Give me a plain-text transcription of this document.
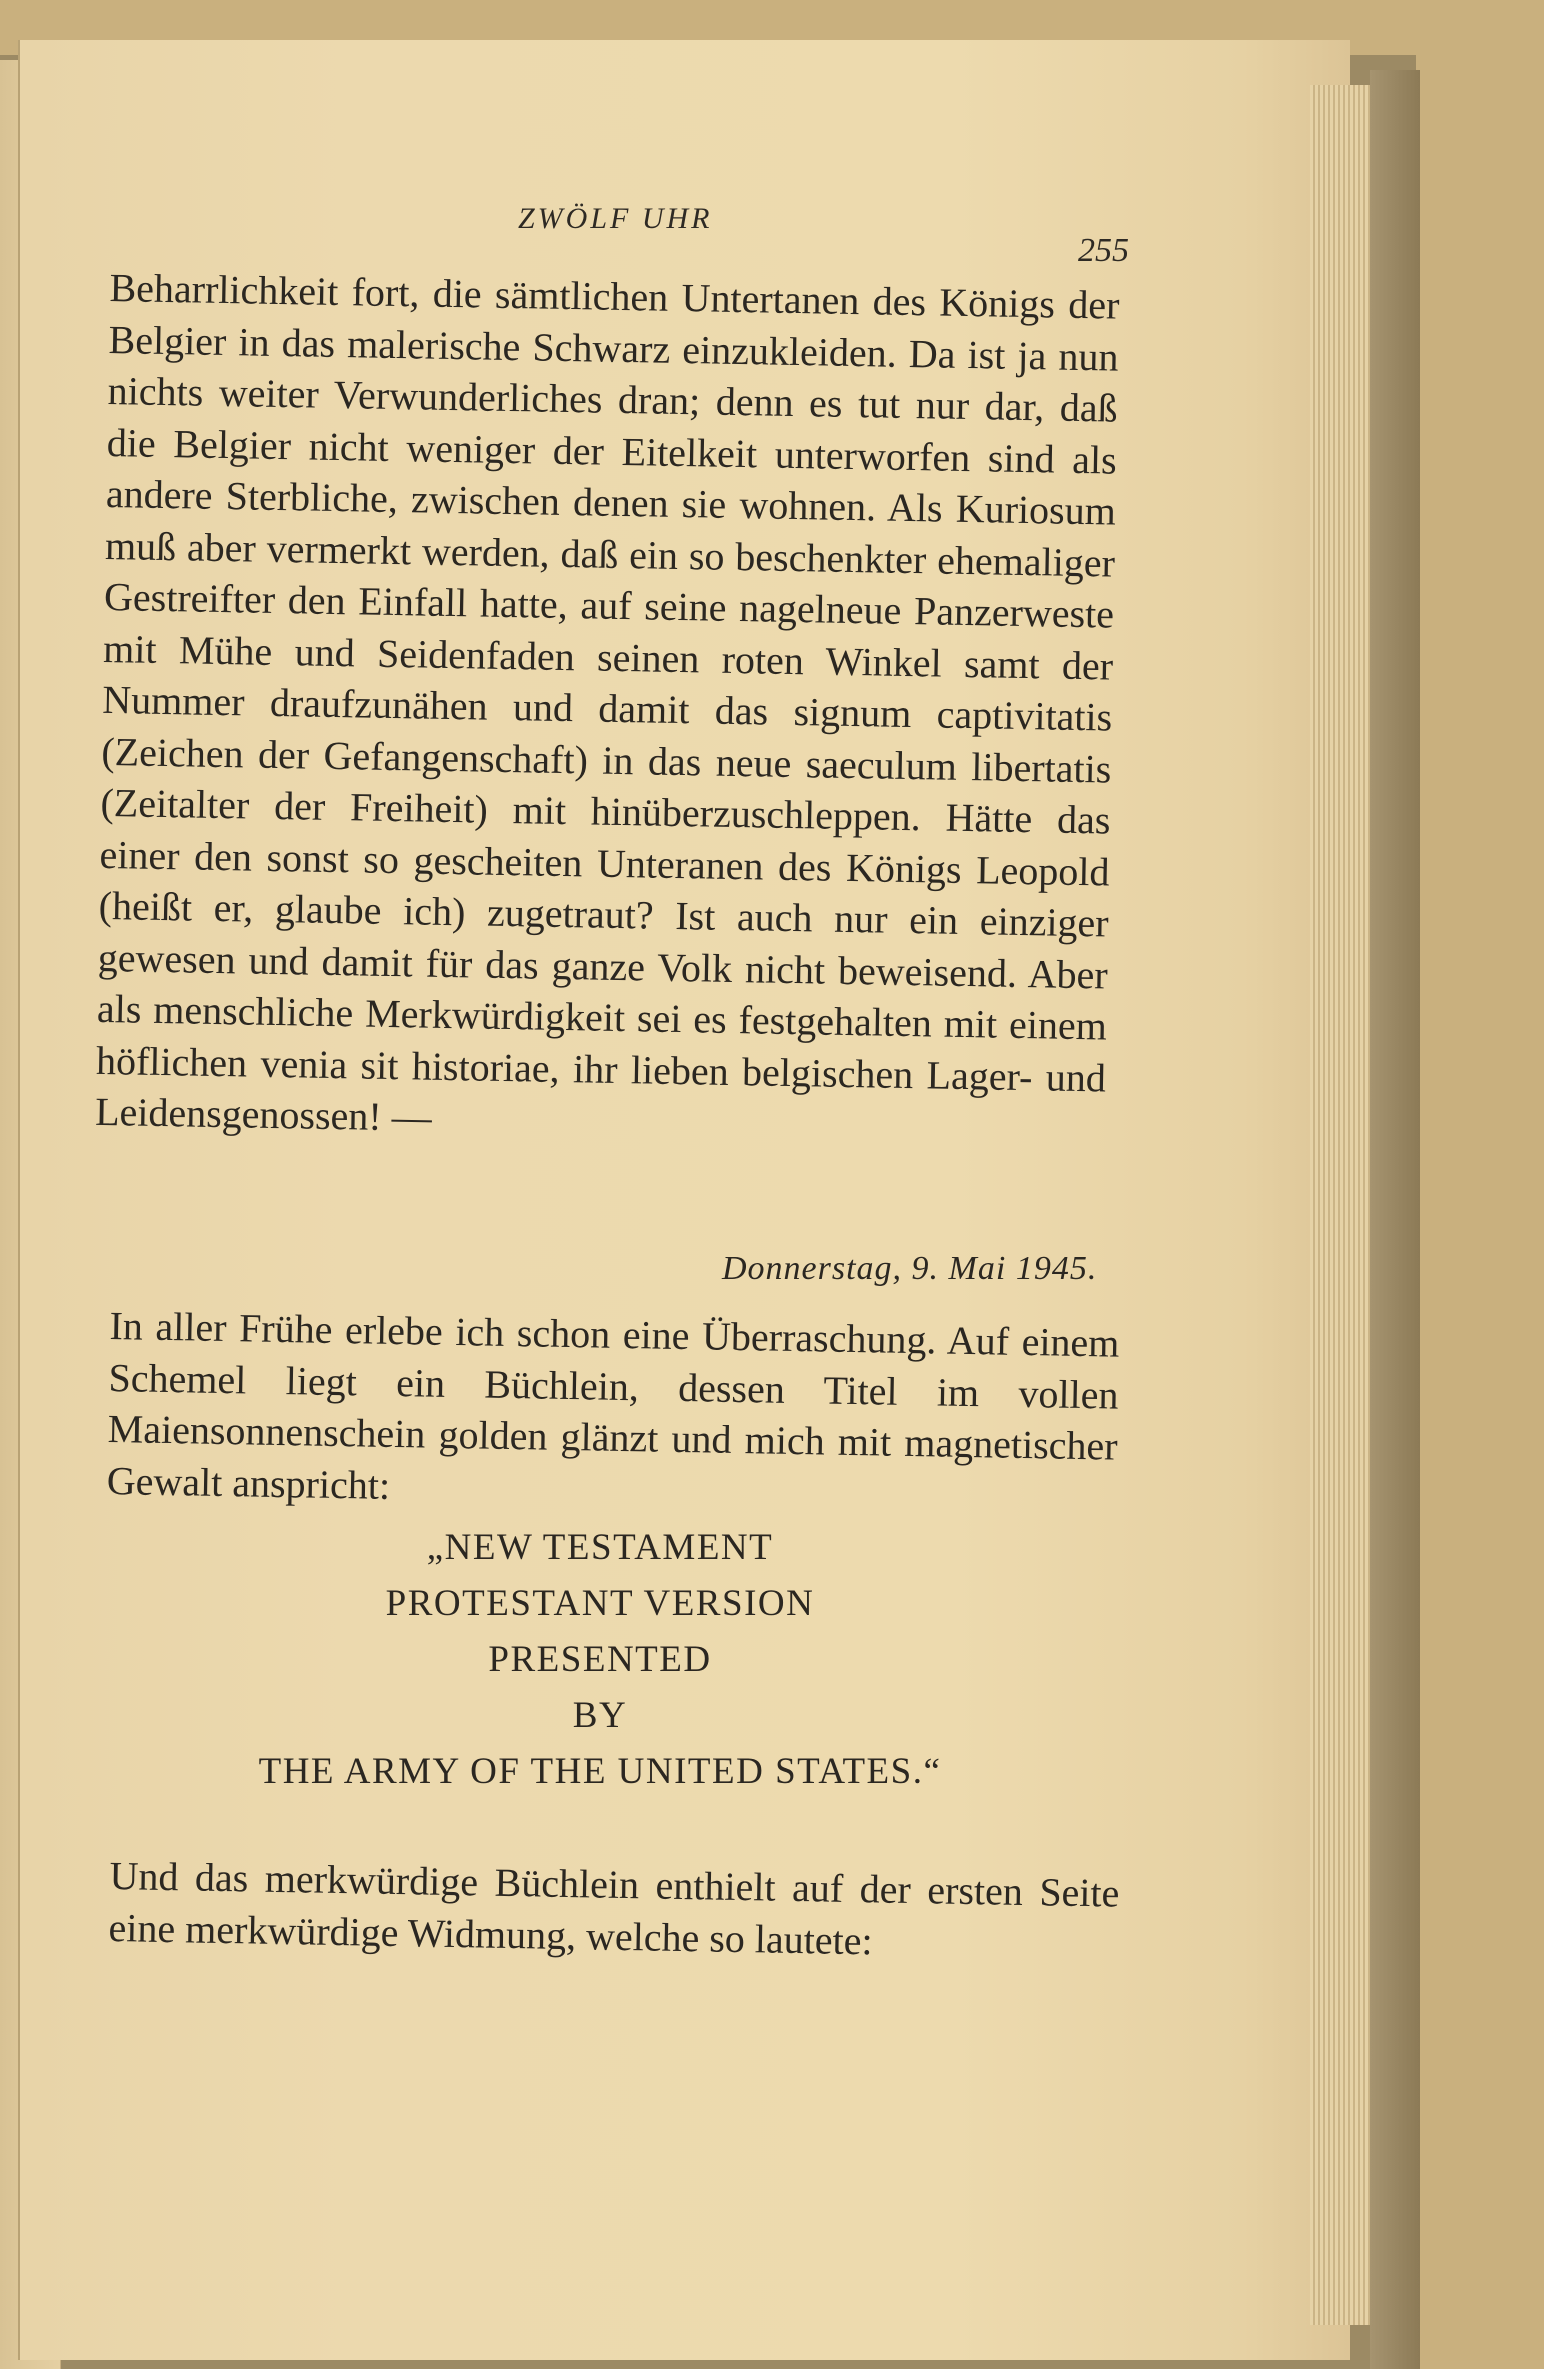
ZWÖLF UHR
255
Beharrlichkeit fort, die sämtlichen Untertanen des Königs der Belgier in das malerische Schwarz einzukleiden. Da ist ja nun nichts weiter Verwunderliches dran; denn es tut nur dar, daß die Belgier nicht weniger der Eitelkeit unterworfen sind als andere Sterbliche, zwischen denen sie wohnen. Als Kuriosum muß aber vermerkt werden, daß ein so beschenkter ehemaliger Gestreifter den Einfall hatte, auf seine nagelneue Panzerweste mit Mühe und Seidenfaden seinen roten Winkel samt der Nummer draufzunähen und damit das signum captivitatis (Zeichen der Gefangenschaft) in das neue saeculum libertatis (Zeitalter der Freiheit) mit hinüberzuschleppen. Hätte das einer den sonst so gescheiten Unteranen des Königs Leopold (heißt er, glaube ich) zugetraut? Ist auch nur ein einziger gewesen und damit für das ganze Volk nicht beweisend. Aber als menschliche Merkwürdigkeit sei es festgehalten mit einem höflichen venia sit historiae, ihr lieben belgischen Lager- und Leidensgenossen! —
Donnerstag, 9. Mai 1945.
In aller Frühe erlebe ich schon eine Überraschung. Auf einem Schemel liegt ein Büchlein, dessen Titel im vollen Maiensonnenschein golden glänzt und mich mit magnetischer Gewalt anspricht:
„NEW TESTAMENT
PROTESTANT VERSION
PRESENTED
BY
THE ARMY OF THE UNITED STATES.“
Und das merkwürdige Büchlein enthielt auf der ersten Seite eine merkwürdige Widmung, welche so lautete:
